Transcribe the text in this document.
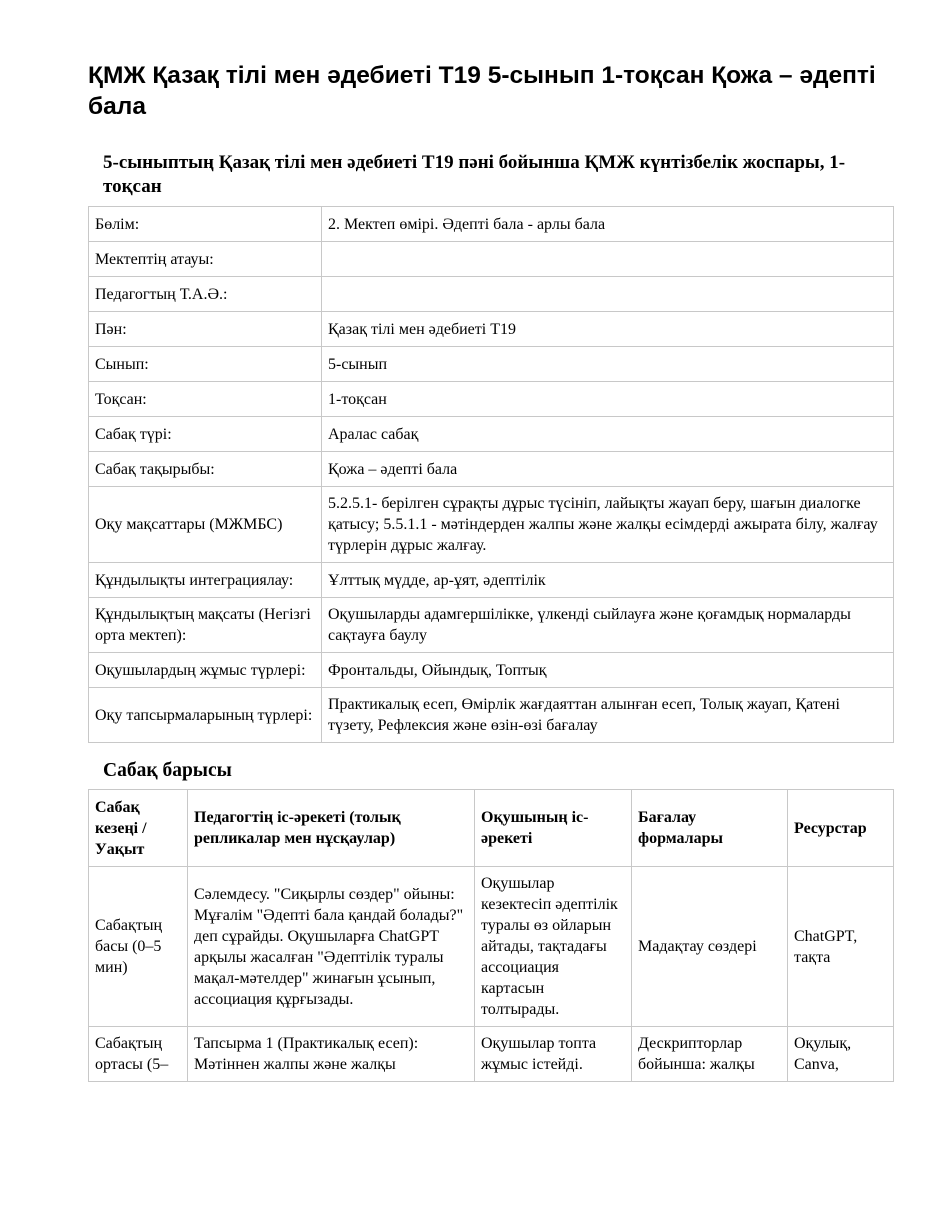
ҚМЖ Қазақ тілі мен әдебиеті Т19 5-сынып 1-тоқсан Қожа – әдепті бала
5-сыныптың Қазақ тілі мен әдебиеті Т19 пәні бойынша ҚМЖ күнтізбелік жоспары, 1-тоқсан
Бөлім:	2. Мектеп өмірі. Әдепті бала - арлы бала
Мектептің атауы:	
Педагогтың Т.А.Ә.:	
Пән:	Қазақ тілі мен әдебиеті Т19
Сынып:	5-сынып
Тоқсан:	1-тоқсан
Сабақ түрі:	Аралас сабақ
Сабақ тақырыбы:	Қожа – әдепті бала
Оқу мақсаттары (МЖМБС)	5.2.5.1- берілген сұрақты дұрыс түсініп, лайықты жауап беру, шағын диалогке қатысу; 5.5.1.1 - мәтіндерден жалпы және жалқы есімдерді ажырата білу, жалғау түрлерін дұрыс жалғау.
Құндылықты интеграциялау:	Ұлттық мүдде, ар-ұят, әдептілік
Құндылықтың мақсаты (Негізгі орта мектеп):	Оқушыларды адамгершілікке, үлкенді сыйлауға және қоғамдық нормаларды сақтауға баулу
Оқушылардың жұмыс түрлері:	Фронтальды, Ойындық, Топтық
Оқу тапсырмаларының түрлері:	Практикалық есеп, Өмірлік жағдаяттан алынған есеп, Толық жауап, Қатені түзету, Рефлексия және өзін-өзі бағалау
Сабақ барысы
Сабақ кезеңі / Уақыт	Педагогтің іс-әрекеті (толық репликалар мен нұсқаулар)	Оқушының іс-әрекеті	Бағалау формалары	Ресурстар
Сабақтың басы (0–5 мин)	Сәлемдесу. "Сиқырлы сөздер" ойыны: Мұғалім "Әдепті бала қандай болады?" деп сұрайды. Оқушыларға ChatGPT арқылы жасалған "Әдептілік туралы мақал-мәтелдер" жинағын ұсынып, ассоциация құрғызады.	Оқушылар кезектесіп әдептілік туралы өз ойларын айтады, тақтадағы ассоциация картасын толтырады.	Мадақтау сөздері	ChatGPT, тақта
Сабақтың ортасы (5–	Тапсырма 1 (Практикалық есеп): Мәтіннен жалпы және жалқы	Оқушылар топта жұмыс істейді.	Дескрипторлар бойынша: жалқы	Оқулық, Canva,
